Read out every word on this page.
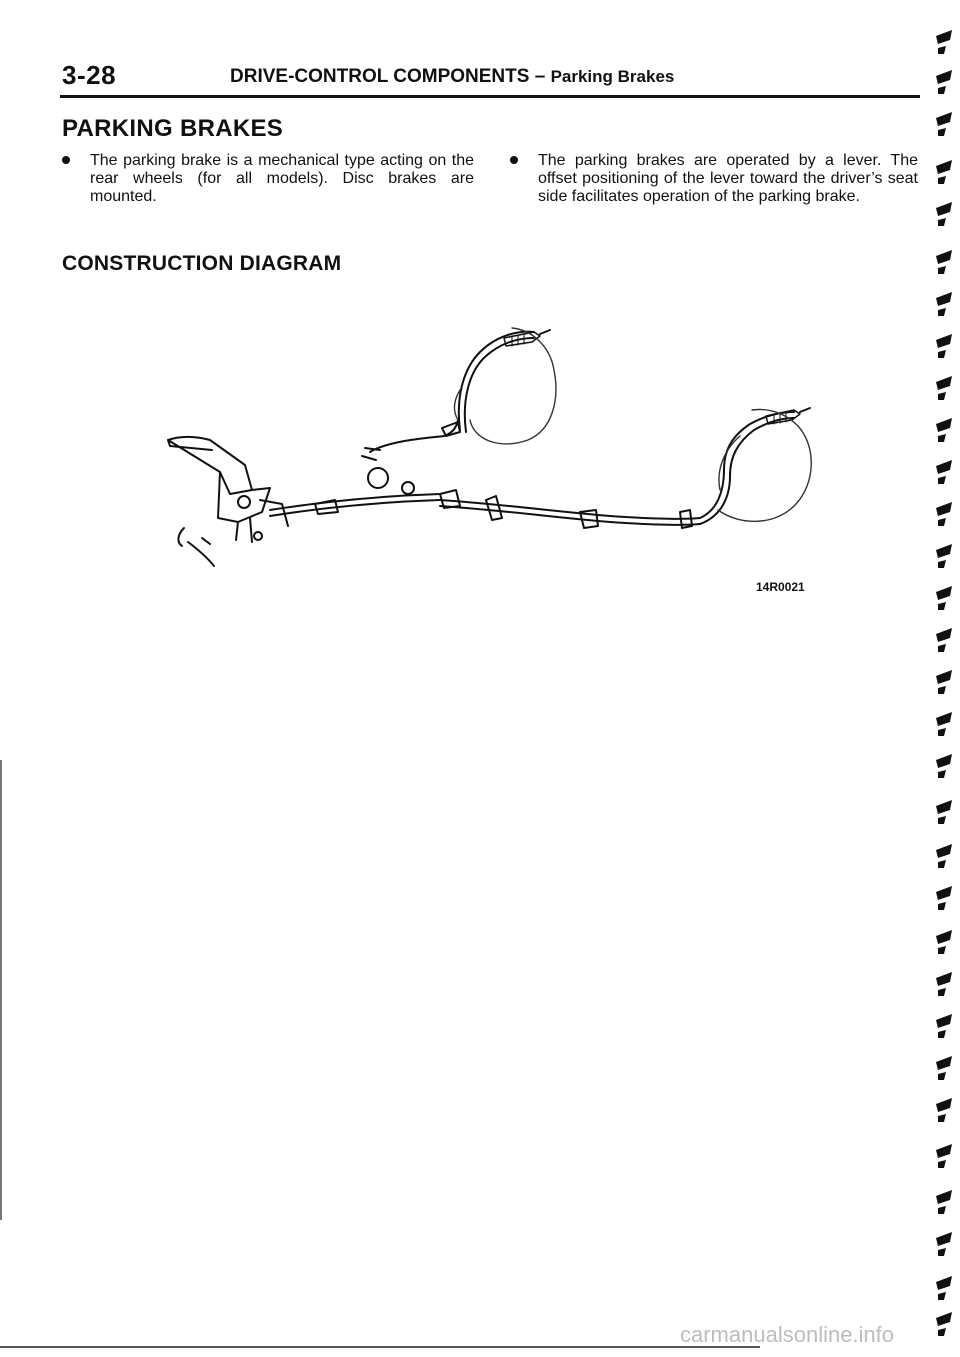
3-28	DRIVE-CONTROL COMPONENTS – Parking Brakes
PARKING BRAKES
The parking brake is a mechanical type acting on the rear wheels (for all models). Disc brakes are mounted.
The parking brakes are operated by a lever. The offset positioning of the lever toward the driver’s seat side facilitates operation of the parking brake.
CONSTRUCTION DIAGRAM
14R0021
carmanualsonline.info
